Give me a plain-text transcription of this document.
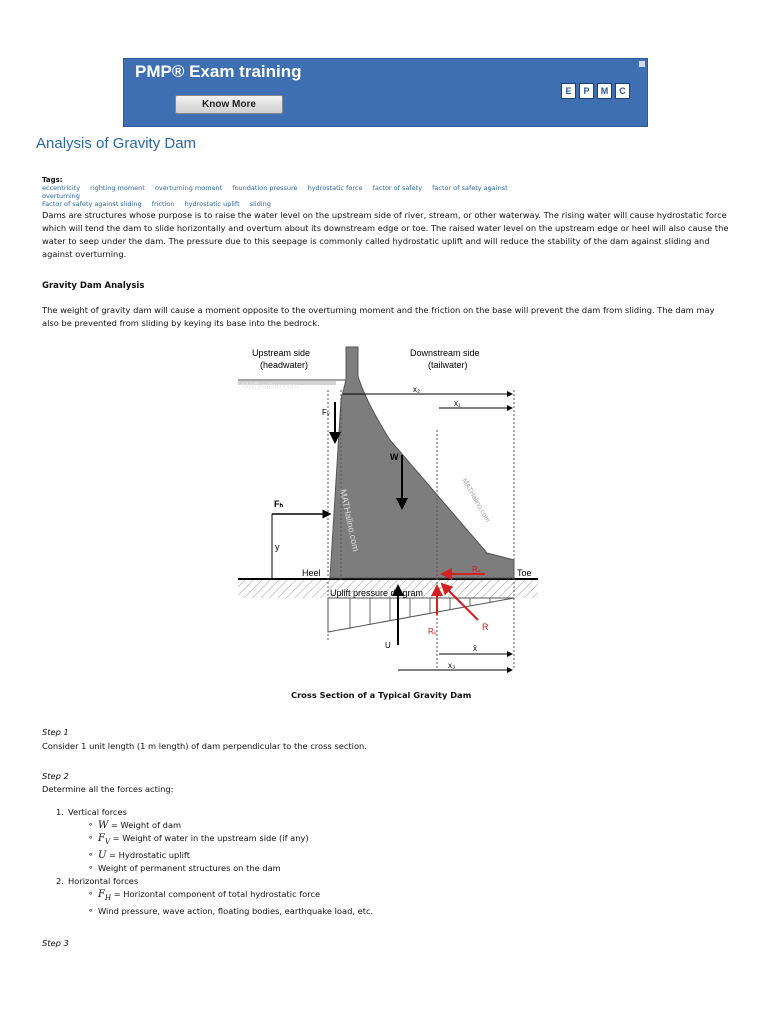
PMP® Exam training
Know More
E	P	M	C
Analysis of Gravity Dam
Tags:
eccentricity righting moment overturning moment foundation pressure hydrostatic force factor of safety factor of safety against overturning
Factor of safety against sliding friction hydrostatic uplift sliding
Dams are structures whose purpose is to raise the water level on the upstream side of river, stream, or other waterway. The rising water will cause hydrostatic force which will tend the dam to slide horizontally and overturn about its downstream edge or toe. The raised water level on the upstream edge or heel will also cause the water to seep under the dam. The pressure due to this seepage is commonly called hydrostatic uplift and will reduce the stability of the dam against sliding and against overturning.
Gravity Dam Analysis
The weight of gravity dam will cause a moment opposite to the overturning moment and the friction on the base will prevent the dam from sliding. The dam may also be prevented from sliding by keying its base into the bedrock.
Upstream side
(headwater)
Downstream side
(tailwater)
MATHalino.com	x₂
x₁
Fᵥ
W
MATHalino.com	MATHalino.com
Fₕ
y
Heel	Toe
Rₓ
Uplift pressure diagram
Rᵧ	R
U	x̄
x₃
Cross Section of a Typical Gravity Dam
Step 1
Consider 1 unit length (1 m length) of dam perpendicular to the cross section.
Step 2
Determine all the forces acting:
1. Vertical forces
∘ W = Weight of dam
∘ $F_V$ = Weight of water in the upstream side (if any)
∘ U = Hydrostatic uplift
∘ Weight of permanent structures on the dam
2. Horizontal forces
∘ $F_H$ = Horizontal component of total hydrostatic force
∘ Wind pressure, wave action, floating bodies, earthquake load, etc.
Step 3
